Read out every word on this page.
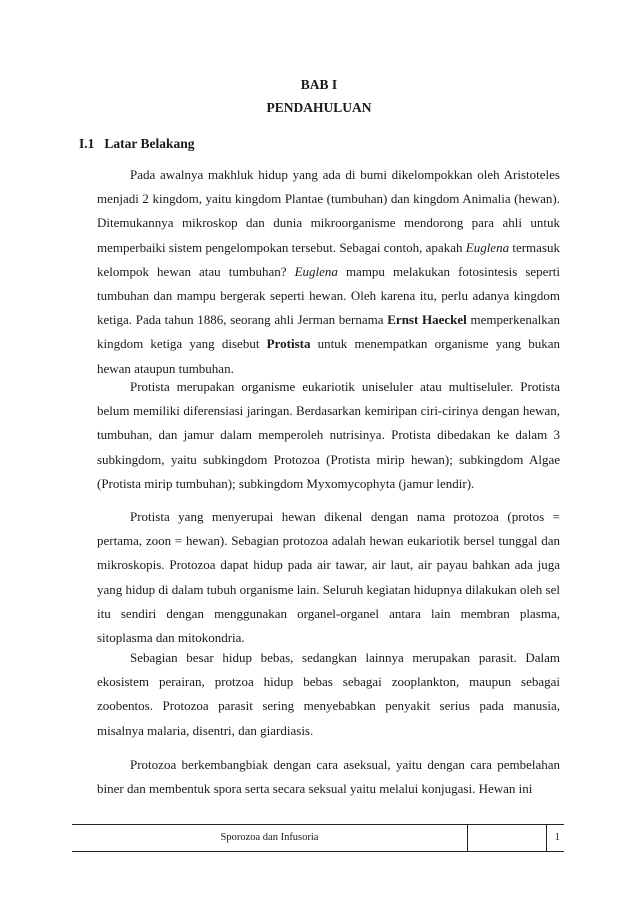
BAB I
PENDAHULUAN
I.1 Latar Belakang

Pada awalnya makhluk hidup yang ada di bumi dikelompokkan oleh Aristoteles menjadi 2 kingdom, yaitu kingdom Plantae (tumbuhan) dan kingdom Animalia (hewan). Ditemukannya mikroskop dan dunia mikroorganisme mendorong para ahli untuk memperbaiki sistem pengelompokan tersebut. Sebagai contoh, apakah Euglena termasuk kelompok hewan atau tumbuhan? Euglena mampu melakukan fotosintesis seperti tumbuhan dan mampu bergerak seperti hewan. Oleh karena itu, perlu adanya kingdom ketiga. Pada tahun 1886, seorang ahli Jerman bernama Ernst Haeckel memperkenalkan kingdom ketiga yang disebut Protista untuk menempatkan organisme yang bukan hewan ataupun tumbuhan.

Protista merupakan organisme eukariotik uniseluler atau multiseluler. Protista belum memiliki diferensiasi jaringan. Berdasarkan kemiripan ciri-cirinya dengan hewan, tumbuhan, dan jamur dalam memperoleh nutrisinya. Protista dibedakan ke dalam 3 subkingdom, yaitu subkingdom Protozoa (Protista mirip hewan); subkingdom Algae (Protista mirip tumbuhan); subkingdom Myxomycophyta (jamur lendir).

Protista yang menyerupai hewan dikenal dengan nama protozoa (protos = pertama, zoon = hewan). Sebagian protozoa adalah hewan eukariotik bersel tunggal dan mikroskopis. Protozoa dapat hidup pada air tawar, air laut, air payau bahkan ada juga yang hidup di dalam tubuh organisme lain. Seluruh kegiatan hidupnya dilakukan oleh sel itu sendiri dengan menggunakan organel-organel antara lain membran plasma, sitoplasma dan mitokondria.

Sebagian besar hidup bebas, sedangkan lainnya merupakan parasit. Dalam ekosistem perairan, protzoa hidup bebas sebagai zooplankton, maupun sebagai zoobentos. Protozoa parasit sering menyebabkan penyakit serius pada manusia, misalnya malaria, disentri, dan giardiasis.

Protozoa berkembangbiak dengan cara aseksual, yaitu dengan cara pembelahan biner dan membentuk spora serta secara seksual yaitu melalui konjugasi. Hewan ini

Sporozoa dan Infusoria	1
